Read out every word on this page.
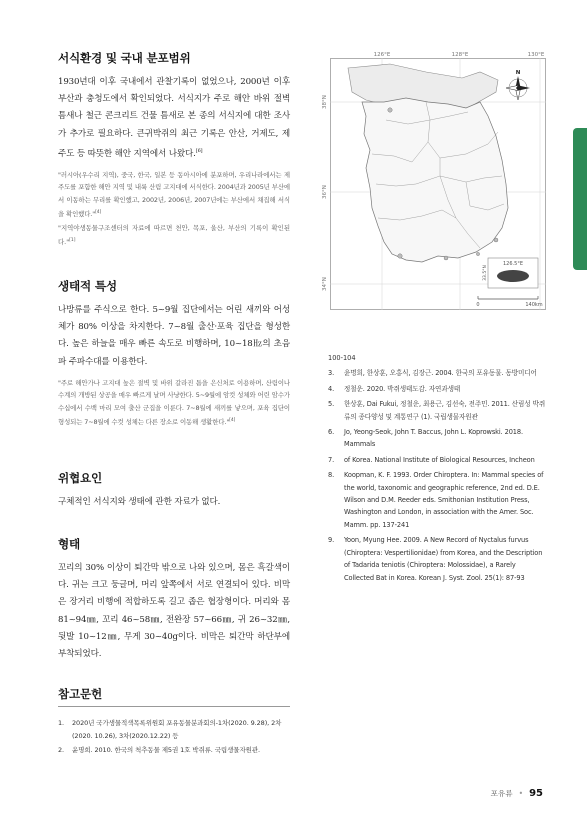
서식환경 및 국내 분포범위

1930년대 이후 국내에서 관찰기록이 없었으나, 2000년 이후 부산과 충청도에서 확인되었다. 서식지가 주로 해안 바위 절벽 틈새나 철근 콘크리트 건물 틈새로 본 종의 서식지에 대한 조사가 추가로 필요하다. 큰귀박쥐의 최근 기록은 안산, 거제도, 제주도 등 따뜻한 해안 지역에서 나왔다.[6]

"러시아(우수리 지역), 중국, 한국, 일본 등 동아시아에 분포하며, 우리나라에서는 제주도를 포함한 해안 지역 및 내륙 산림 고지대에 서식한다. 2004년과 2005년 부산에서 이동하는 무리를 확인했고, 2002년, 2006년, 2007년에는 부산에서 채집해 서식을 확인했다."[4]

"지역야생동물구조센터의 자료에 따르면 천안, 목포, 울산, 부산의 기록이 확인된다."[1]

생태적 특성

나방류를 주식으로 한다. 5~9월 집단에서는 어린 새끼와 어성체가 80% 이상을 차지한다. 7~8월 출산·포육 집단을 형성한다. 높은 하늘을 매우 빠른 속도로 비행하며, 10~18㎐의 초음파 주파수대를 이용한다.

"주로 해안가나 고지대 높은 절벽 및 바위 갈라진 틈을 은신처로 이용하며, 산림이나 수계의 개방된 상공을 매우 빠르게 날며 사냥한다. 5~9월에 암컷 성체와 어린 암수가 수십에서 수백 마리 모여 출산 군집을 이룬다. 7~8월에 새끼를 낳으며, 포육 집단이 형성되는 7~8월에 수컷 성체는 다른 장소로 이동해 생활한다."[4]

위협요인

구체적인 서식지와 생태에 관한 자료가 없다.

형태

꼬리의 30% 이상이 퇴간막 밖으로 나와 있으며, 몸은 흑갈색이다. 귀는 크고 둥글며, 머리 앞쪽에서 서로 연결되어 있다. 비막은 장거리 비행에 적합하도록 길고 좁은 협장형이다. 머리와 몸 81~94㎜, 꼬리 46~58㎜, 전완장 57~66㎜, 귀 26~32㎜, 뒷발 10~12㎜, 무게 30~40g이다. 비막은 퇴간막 하단부에 부착되었다.

참고문헌
1.	2020년 국가생물적색목록위원회 포유동물분과회의-1차(2020. 9.28), 2차(2020. 10.26), 3차(2020.12.22) 등
2.	윤명희. 2010. 한국의 척추동물 제5권 1호 박쥐류. 국립생물자원관.
126°E	128°E	130°E
38°N
36°N
34°N
N
126.5°E
33.5°N
0	140km
100-104
3.	윤명희, 한상훈, 오홍식, 김장근. 2004. 한국의 포유동물. 동방미디어
4.	정철운. 2020. 박쥐생태도감. 자연과생태
5.	한상훈, Dai Fukui, 정철운, 최용근, 김선숙, 전주민. 2011. 산림성 박쥐류의 종다양성 및 계통연구 (1). 국립생물자원관
6.	Jo, Yeong-Seok, John T. Baccus, John L. Koprowski. 2018. Mammals
7.	of Korea. National Institute of Biological Resources, Incheon
8.	Koopman, K. F. 1993. Order Chiroptera. In: Mammal species of the world, taxonomic and geographic reference, 2nd ed. D.E. Wilson and D.M. Reeder eds. Smithonian Institution Press, Washington and London, in association with the Amer. Soc. Mamm. pp. 137-241
9.	Yoon, Myung Hee. 2009. A New Record of Nyctalus furvus (Chiroptera: Vespertilionidae) from Korea, and the Description of Tadarida teniotis (Chiroptera: Molossidae), a Rarely Collected Bat in Korea. Korean J. Syst. Zool. 25(1): 87-93
포유류 • 95
